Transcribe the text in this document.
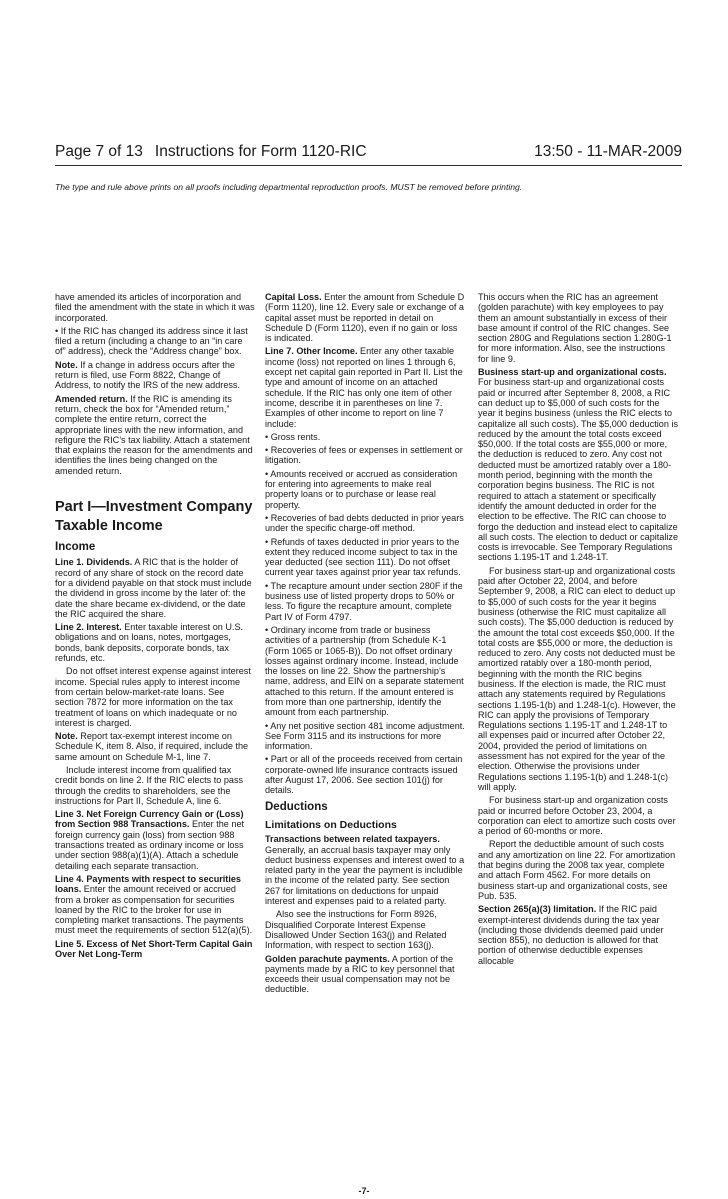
Page 7 of 13 Instructions for Form 1120-RIC	13:50 - 11-MAR-2009
The type and rule above prints on all proofs including departmental reproduction proofs. MUST be removed before printing.

have amended its articles of incorporation and filed the amendment with the state in which it was incorporated.

• If the RIC has changed its address since it last filed a return (including a change to an “in care of” address), check the “Address change” box.

Note. If a change in address occurs after the return is filed, use Form 8822, Change of Address, to notify the IRS of the new address.

Amended return. If the RIC is amending its return, check the box for “Amended return,” complete the entire return, correct the appropriate lines with the new information, and refigure the RIC’s tax liability. Attach a statement that explains the reason for the amendments and identifies the lines being changed on the amended return.

Part I—Investment Company Taxable Income
Income

Line 1. Dividends. A RIC that is the holder of record of any share of stock on the record date for a dividend payable on that stock must include the dividend in gross income by the later of: the date the share became ex-dividend, or the date the RIC acquired the share.

Line 2. Interest. Enter taxable interest on U.S. obligations and on loans, notes, mortgages, bonds, bank deposits, corporate bonds, tax refunds, etc.

Do not offset interest expense against interest income. Special rules apply to interest income from certain below-market-rate loans. See section 7872 for more information on the tax treatment of loans on which inadequate or no interest is charged.

Note. Report tax-exempt interest income on Schedule K, item 8. Also, if required, include the same amount on Schedule M-1, line 7.

Include interest income from qualified tax credit bonds on line 2. If the RIC elects to pass through the credits to shareholders, see the instructions for Part II, Schedule A, line 6.

Line 3. Net Foreign Currency Gain or (Loss) from Section 988 Transactions. Enter the net foreign currency gain (loss) from section 988 transactions treated as ordinary income or loss under section 988(a)(1)(A). Attach a schedule detailing each separate transaction.

Line 4. Payments with respect to securities loans. Enter the amount received or accrued from a broker as compensation for securities loaned by the RIC to the broker for use in completing market transactions. The payments must meet the requirements of section 512(a)(5).

Line 5. Excess of Net Short-Term Capital Gain Over Net Long-Term

Capital Loss. Enter the amount from Schedule D (Form 1120), line 12. Every sale or exchange of a capital asset must be reported in detail on Schedule D (Form 1120), even if no gain or loss is indicated.

Line 7. Other Income. Enter any other taxable income (loss) not reported on lines 1 through 6, except net capital gain reported in Part II. List the type and amount of income on an attached schedule. If the RIC has only one item of other income, describe it in parentheses on line 7. Examples of other income to report on line 7 include:

• Gross rents.

• Recoveries of fees or expenses in settlement or litigation.

• Amounts received or accrued as consideration for entering into agreements to make real property loans or to purchase or lease real property.

• Recoveries of bad debts deducted in prior years under the specific charge-off method.

• Refunds of taxes deducted in prior years to the extent they reduced income subject to tax in the year deducted (see section 111). Do not offset current year taxes against prior year tax refunds.

• The recapture amount under section 280F if the business use of listed property drops to 50% or less. To figure the recapture amount, complete Part IV of Form 4797.

• Ordinary income from trade or business activities of a partnership (from Schedule K-1 (Form 1065 or 1065-B)). Do not offset ordinary losses against ordinary income. Instead, include the losses on line 22. Show the partnership’s name, address, and EIN on a separate statement attached to this return. If the amount entered is from more than one partnership, identify the amount from each partnership.

• Any net positive section 481 income adjustment. See Form 3115 and its instructions for more information.

• Part or all of the proceeds received from certain corporate-owned life insurance contracts issued after August 17, 2006. See section 101(j) for details.

Deductions
Limitations on Deductions

Transactions between related taxpayers. Generally, an accrual basis taxpayer may only deduct business expenses and interest owed to a related party in the year the payment is includible in the income of the related party. See section 267 for limitations on deductions for unpaid interest and expenses paid to a related party.

Also see the instructions for Form 8926, Disqualified Corporate Interest Expense Disallowed Under Section 163(j) and Related Information, with respect to section 163(j).

Golden parachute payments. A portion of the payments made by a RIC to key personnel that exceeds their usual compensation may not be deductible.

This occurs when the RIC has an agreement (golden parachute) with key employees to pay them an amount substantially in excess of their base amount if control of the RIC changes. See section 280G and Regulations section 1.280G-1 for more information. Also, see the instructions for line 9.

Business start-up and organizational costs. For business start-up and organizational costs paid or incurred after September 8, 2008, a RIC can deduct up to $5,000 of such costs for the year it begins business (unless the RIC elects to capitalize all such costs). The $5,000 deduction is reduced by the amount the total costs exceed $50,000. If the total costs are $55,000 or more, the deduction is reduced to zero. Any cost not deducted must be amortized ratably over a 180-month period, beginning with the month the corporation begins business. The RIC is not required to attach a statement or specifically identify the amount deducted in order for the election to be effective. The RIC can choose to forgo the deduction and instead elect to capitalize all such costs. The election to deduct or capitalize costs is irrevocable. See Temporary Regulations sections 1.195-1T and 1.248-1T.

For business start-up and organizational costs paid after October 22, 2004, and before September 9, 2008, a RIC can elect to deduct up to $5,000 of such costs for the year it begins business (otherwise the RIC must capitalize all such costs). The $5,000 deduction is reduced by the amount the total cost exceeds $50,000. If the total costs are $55,000 or more, the deduction is reduced to zero. Any costs not deducted must be amortized ratably over a 180-month period, beginning with the month the RIC begins business. If the election is made, the RIC must attach any statements required by Regulations sections 1.195-1(b) and 1.248-1(c). However, the RIC can apply the provisions of Temporary Regulations sections 1.195-1T and 1.248-1T to all expenses paid or incurred after October 22, 2004, provided the period of limitations on assessment has not expired for the year of the election. Otherwise the provisions under Regulations sections 1.195-1(b) and 1.248-1(c) will apply.

For business start-up and organization costs paid or incurred before October 23, 2004, a corporation can elect to amortize such costs over a period of 60-months or more.

Report the deductible amount of such costs and any amortization on line 22. For amortization that begins during the 2008 tax year, complete and attach Form 4562. For more details on business start-up and organizational costs, see Pub. 535.

Section 265(a)(3) limitation. If the RIC paid exempt-interest dividends during the tax year (including those dividends deemed paid under section 855), no deduction is allowed for that portion of otherwise deductible expenses allocable

-7-
